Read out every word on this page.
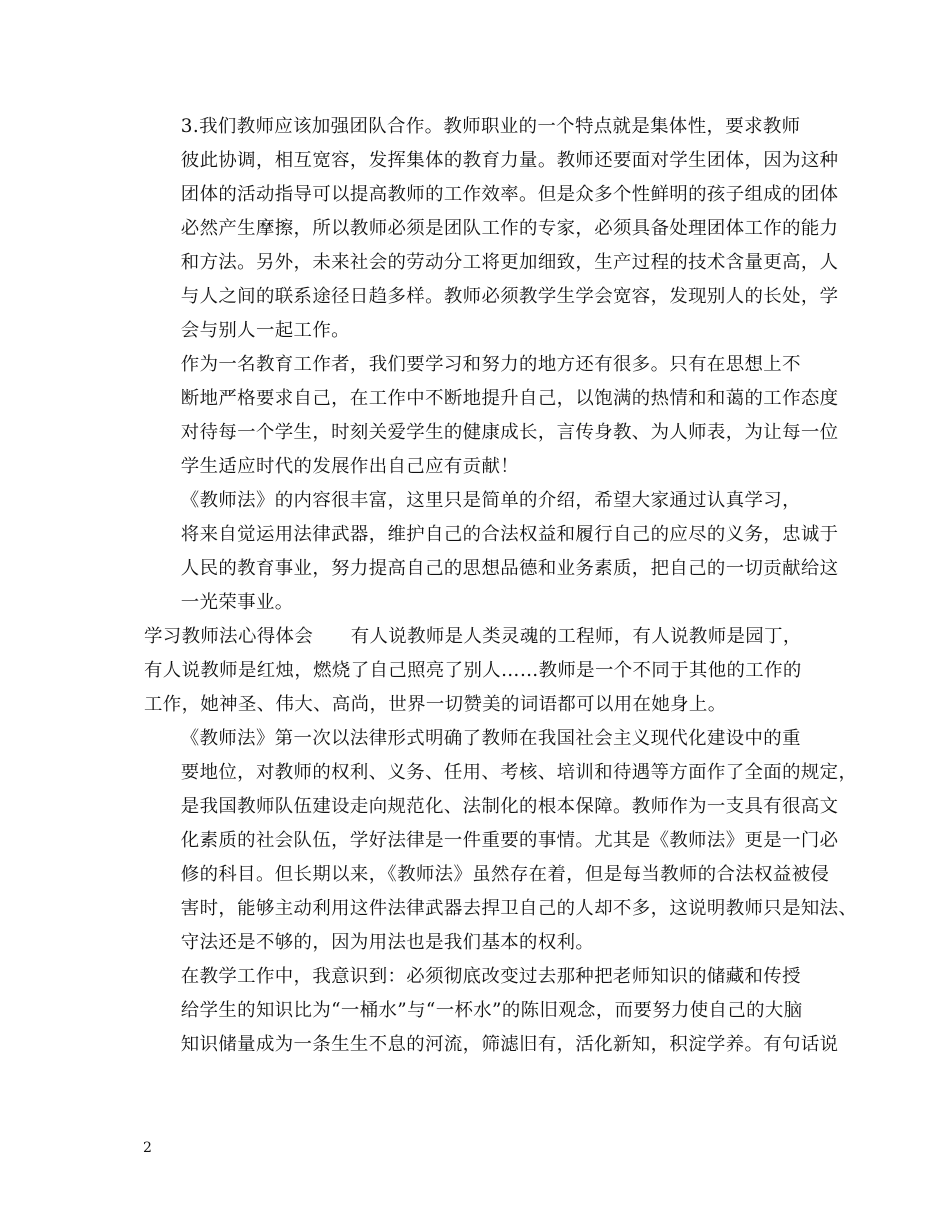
3.我们教师应该加强团队合作。教师职业的一个特点就是集体性，要求教师
彼此协调，相互宽容，发挥集体的教育力量。教师还要面对学生团体，因为这种
团体的活动指导可以提高教师的工作效率。但是众多个性鲜明的孩子组成的团体
必然产生摩擦，所以教师必须是团队工作的专家，必须具备处理团体工作的能力
和方法。另外，未来社会的劳动分工将更加细致，生产过程的技术含量更高，人
与人之间的联系途径日趋多样。教师必须教学生学会宽容，发现别人的长处，学
会与别人一起工作。

作为一名教育工作者，我们要学习和努力的地方还有很多。只有在思想上不
断地严格要求自己，在工作中不断地提升自己，以饱满的热情和和蔼的工作态度
对待每一个学生，时刻关爱学生的健康成长，言传身教、为人师表，为让每一位
学生适应时代的发展作出自己应有贡献！

《教师法》的内容很丰富，这里只是简单的介绍，希望大家通过认真学习，
将来自觉运用法律武器，维护自己的合法权益和履行自己的应尽的义务，忠诚于
人民的教育事业，努力提高自己的思想品德和业务素质，把自己的一切贡献给这
一光荣事业。

学习教师法心得体会　　有人说教师是人类灵魂的工程师，有人说教师是园丁，
有人说教师是红烛，燃烧了自己照亮了别人……教师是一个不同于其他的工作的
工作，她神圣、伟大、高尚，世界一切赞美的词语都可以用在她身上。

《教师法》第一次以法律形式明确了教师在我国社会主义现代化建设中的重
要地位，对教师的权利、义务、任用、考核、培训和待遇等方面作了全面的规定，
是我国教师队伍建设走向规范化、法制化的根本保障。教师作为一支具有很高文
化素质的社会队伍，学好法律是一件重要的事情。尤其是《教师法》更是一门必
修的科目。但长期以来，《教师法》虽然存在着，但是每当教师的合法权益被侵
害时，能够主动利用这件法律武器去捍卫自己的人却不多，这说明教师只是知法、
守法还是不够的，因为用法也是我们基本的权利。

在教学工作中，我意识到：必须彻底改变过去那种把老师知识的储藏和传授
给学生的知识比为“一桶水”与“一杯水”的陈旧观念，而要努力使自己的大脑
知识储量成为一条生生不息的河流，筛滤旧有，活化新知，积淀学养。有句话说

2
